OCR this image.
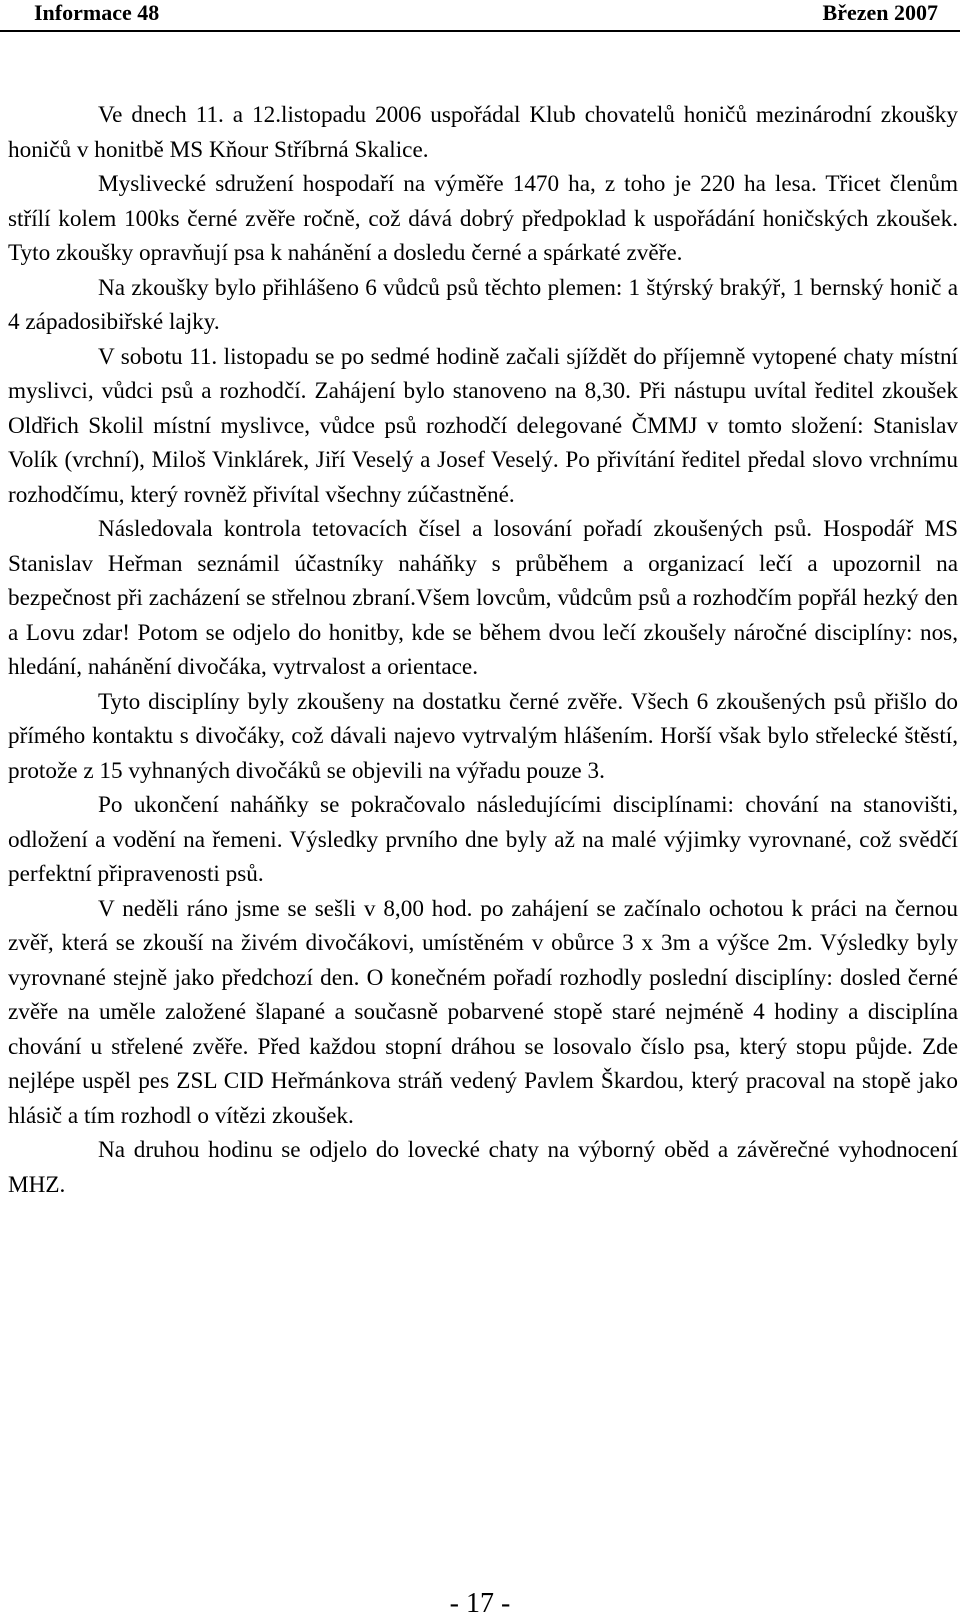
Informace 48	Březen 2007

Ve dnech 11. a 12.listopadu 2006 uspořádal Klub chovatelů honičů mezinárodní zkoušky honičů v honitbě MS Kňour Stříbrná Skalice.

Myslivecké sdružení hospodaří na výměře 1470 ha, z toho je 220 ha lesa. Třicet členům střílí kolem 100ks černé zvěře ročně, což dává dobrý předpoklad k uspořádání honičských zkoušek. Tyto zkoušky opravňují psa k nahánění a dosledu černé a spárkaté zvěře.

Na zkoušky bylo přihlášeno 6 vůdců psů těchto plemen: 1 štýrský brakýř, 1 bernský honič a 4 západosibiřské lajky.

V sobotu 11. listopadu se po sedmé hodině začali sjíždět do příjemně vytopené chaty místní myslivci, vůdci psů a rozhodčí. Zahájení bylo stanoveno na 8,30. Při nástupu uvítal ředitel zkoušek Oldřich Skolil místní myslivce, vůdce psů rozhodčí delegované ČMMJ v tomto složení: Stanislav Volík (vrchní), Miloš Vinklárek, Jiří Veselý a Josef Veselý. Po přivítání ředitel předal slovo vrchnímu rozhodčímu, který rovněž přivítal všechny zúčastněné.

Následovala kontrola tetovacích čísel a losování pořadí zkoušených psů. Hospodář MS Stanislav Heřman seznámil účastníky naháňky s průběhem a organizací lečí a upozornil na bezpečnost při zacházení se střelnou zbraní.Všem lovcům, vůdcům psů a rozhodčím popřál hezký den a Lovu zdar! Potom se odjelo do honitby, kde se během dvou lečí zkoušely náročné disciplíny: nos, hledání, nahánění divočáka, vytrvalost a orientace.

Tyto disciplíny byly zkoušeny na dostatku černé zvěře. Všech 6 zkoušených psů přišlo do přímého kontaktu s divočáky, což dávali najevo vytrvalým hlášením. Horší však bylo střelecké štěstí, protože z 15 vyhnaných divočáků se objevili na výřadu pouze 3.

Po ukončení naháňky se pokračovalo následujícími disciplínami: chování na stanovišti, odložení a vodění na řemeni. Výsledky prvního dne byly až na malé výjimky vyrovnané, což svědčí perfektní připravenosti psů.

V neděli ráno jsme se sešli v 8,00 hod. po zahájení se začínalo ochotou k práci na černou zvěř, která se zkouší na živém divočákovi, umístěném v obůrce 3 x 3m a výšce 2m. Výsledky byly vyrovnané stejně jako předchozí den. O konečném pořadí rozhodly poslední disciplíny: dosled černé zvěře na uměle založené šlapané a současně pobarvené stopě staré nejméně 4 hodiny a disciplína chování u střelené zvěře. Před každou stopní dráhou se losovalo číslo psa, který stopu půjde. Zde nejlépe uspěl pes ZSL CID Heřmánkova stráň vedený Pavlem Škardou, který pracoval na stopě jako hlásič a tím rozhodl o vítězi zkoušek.

Na druhou hodinu se odjelo do lovecké chaty na výborný oběd a závěrečné vyhodnocení MHZ.

- 17 -
